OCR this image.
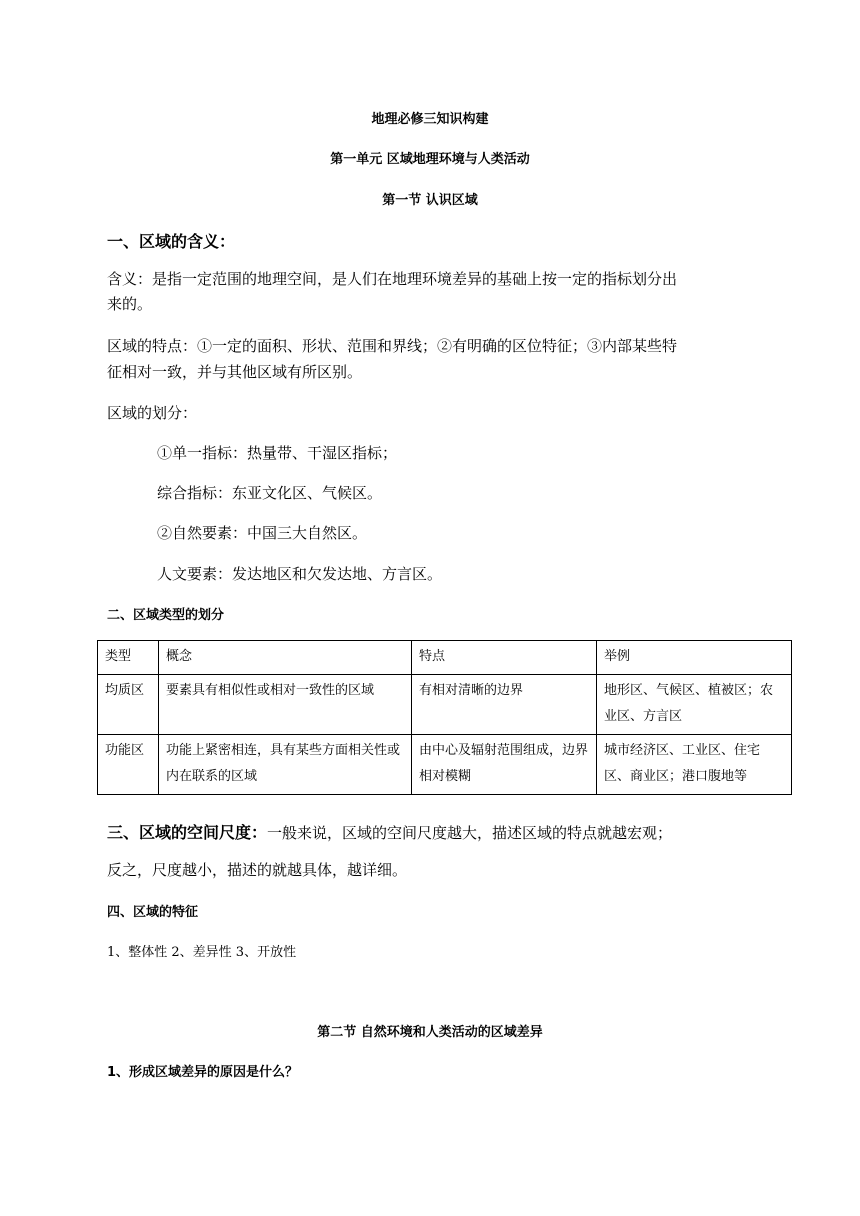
地理必修三知识构建
第一单元 区域地理环境与人类活动
第一节 认识区域
一、区域的含义：
含义：是指一定范围的地理空间，是人们在地理环境差异的基础上按一定的指标划分出
来的。
区域的特点：①一定的面积、形状、范围和界线；②有明确的区位特征；③内部某些特
征相对一致，并与其他区域有所区别。
区域的划分：
①单一指标：热量带、干湿区指标；
综合指标：东亚文化区、气候区。
②自然要素：中国三大自然区。
人文要素：发达地区和欠发达地、方言区。
二、区域类型的划分
类型	概念	特点	举例
均质区	要素具有相似性或相对一致性的区域	有相对清晰的边界	地形区、气候区、植被区；农业区、方言区
功能区	功能上紧密相连，具有某些方面相关性或内在联系的区域	由中心及辐射范围组成，边界相对模糊	城市经济区、工业区、住宅区、商业区；港口腹地等
三、区域的空间尺度：一般来说，区域的空间尺度越大，描述区域的特点就越宏观；
反之，尺度越小，描述的就越具体，越详细。
四、区域的特征
1、整体性 2、差异性 3、开放性
第二节 自然环境和人类活动的区域差异
1、形成区域差异的原因是什么？
